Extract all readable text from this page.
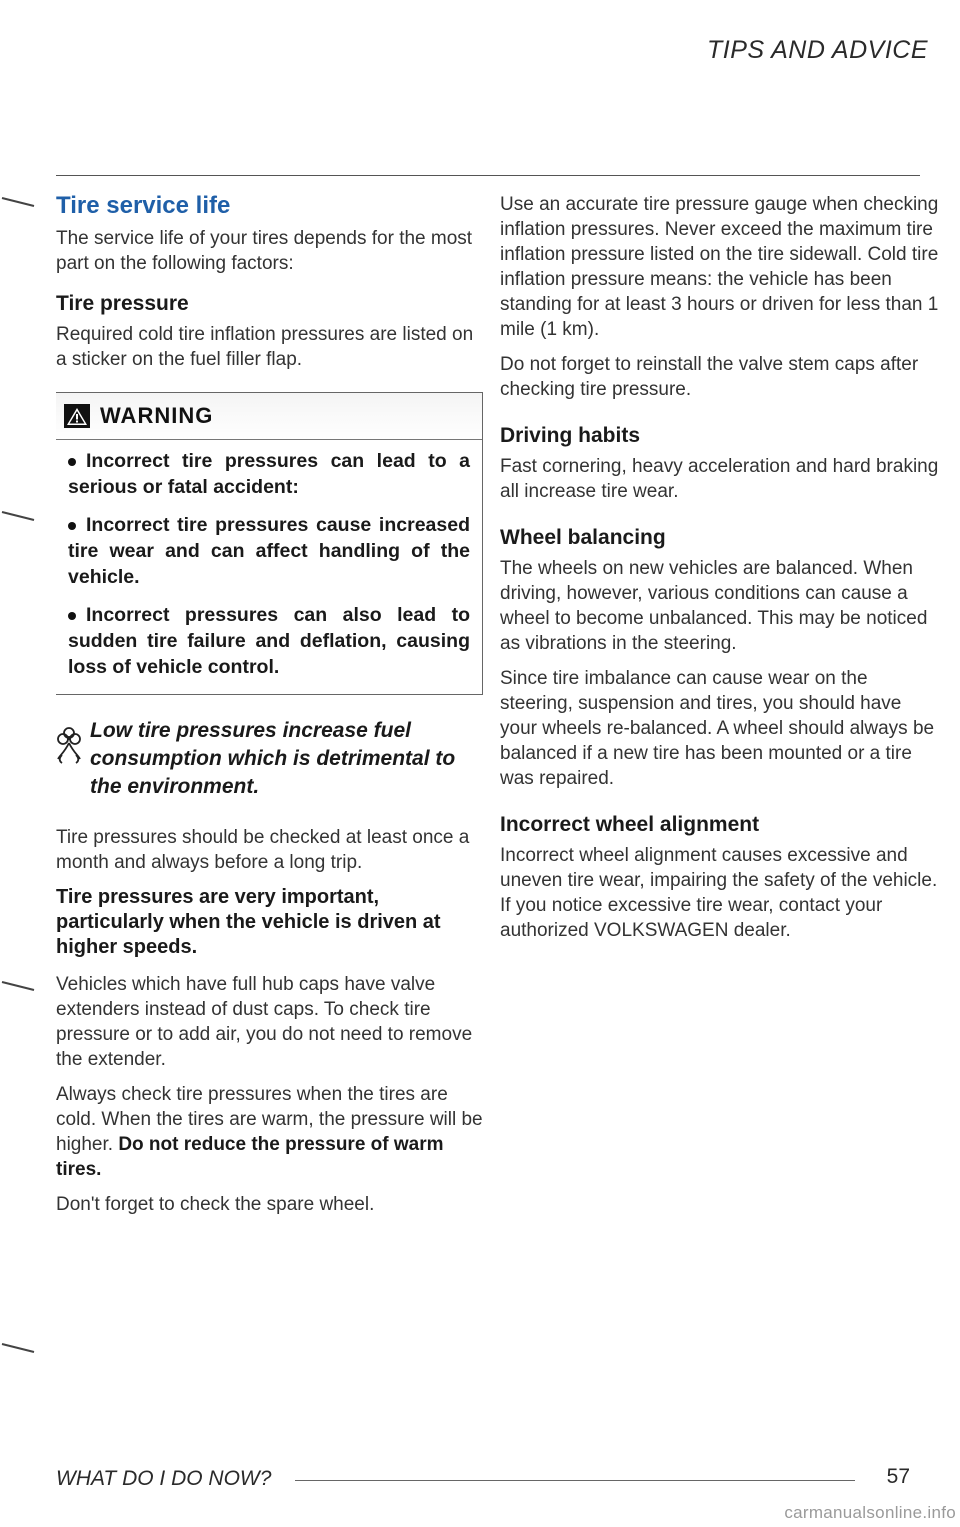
TIPS AND ADVICE
Tire service life

The service life of your tires depends for the most part on the following factors:

Tire pressure

Required cold tire inflation pressures are listed on a sticker on the fuel filler flap.

WARNING
Incorrect tire pressures can lead to a serious or fatal accident:
Incorrect tire pressures cause increased tire wear and can affect handling of the vehicle.
Incorrect pressures can also lead to sudden tire failure and deflation, causing loss of vehicle control.
Low tire pressures increase fuel consumption which is detrimental to the environment.

Tire pressures should be checked at least once a month and always before a long trip.

Tire pressures are very important, particularly when the vehicle is driven at higher speeds.

Vehicles which have full hub caps have valve extenders instead of dust caps. To check tire pressure or to add air, you do not need to remove the extender.

Always check tire pressures when the tires are cold. When the tires are warm, the pressure will be higher. Do not reduce the pressure of warm tires.

Don't forget to check the spare wheel.

Use an accurate tire pressure gauge when checking inflation pressures. Never exceed the maximum tire inflation pressure listed on the tire sidewall. Cold tire inflation pressure means: the vehicle has been standing for at least 3 hours or driven for less than 1 mile (1 km).

Do not forget to reinstall the valve stem caps after checking tire pressure.

Driving habits

Fast cornering, heavy acceleration and hard braking all increase tire wear.

Wheel balancing

The wheels on new vehicles are balanced. When driving, however, various conditions can cause a wheel to become unbalanced. This may be noticed as vibrations in the steering.

Since tire imbalance can cause wear on the steering, suspension and tires, you should have your wheels re-balanced. A wheel should always be balanced if a new tire has been mounted or a tire was repaired.

Incorrect wheel alignment

Incorrect wheel alignment causes excessive and uneven tire wear, impairing the safety of the vehicle. If you notice excessive tire wear, contact your authorized VOLKSWAGEN dealer.

WHAT DO I DO NOW?	57
carmanualsonline.info
